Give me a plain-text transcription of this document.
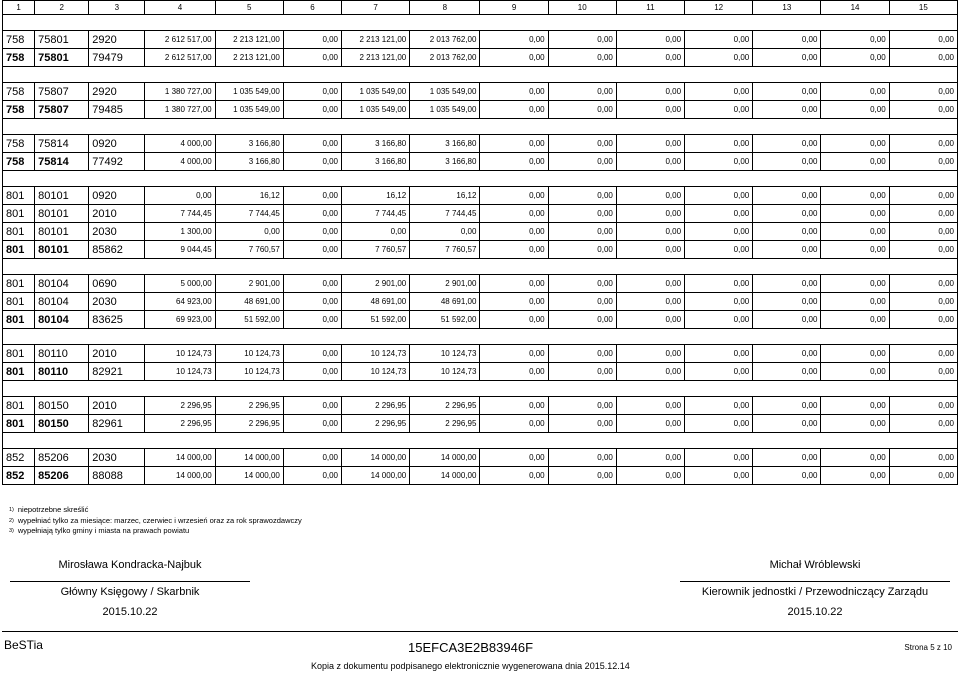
1	2	3	4	5	6	7	8	9	10	11	12	13	14	15

758	75801	2920	2 612 517,00	2 213 121,00	0,00	2 213 121,00	2 013 762,00	0,00	0,00	0,00	0,00	0,00	0,00	0,00
758	75801	79479	2 612 517,00	2 213 121,00	0,00	2 213 121,00	2 013 762,00	0,00	0,00	0,00	0,00	0,00	0,00	0,00

758	75807	2920	1 380 727,00	1 035 549,00	0,00	1 035 549,00	1 035 549,00	0,00	0,00	0,00	0,00	0,00	0,00	0,00
758	75807	79485	1 380 727,00	1 035 549,00	0,00	1 035 549,00	1 035 549,00	0,00	0,00	0,00	0,00	0,00	0,00	0,00

758	75814	0920	4 000,00	3 166,80	0,00	3 166,80	3 166,80	0,00	0,00	0,00	0,00	0,00	0,00	0,00
758	75814	77492	4 000,00	3 166,80	0,00	3 166,80	3 166,80	0,00	0,00	0,00	0,00	0,00	0,00	0,00

801	80101	0920	0,00	16,12	0,00	16,12	16,12	0,00	0,00	0,00	0,00	0,00	0,00	0,00
801	80101	2010	7 744,45	7 744,45	0,00	7 744,45	7 744,45	0,00	0,00	0,00	0,00	0,00	0,00	0,00
801	80101	2030	1 300,00	0,00	0,00	0,00	0,00	0,00	0,00	0,00	0,00	0,00	0,00	0,00
801	80101	85862	9 044,45	7 760,57	0,00	7 760,57	7 760,57	0,00	0,00	0,00	0,00	0,00	0,00	0,00

801	80104	0690	5 000,00	2 901,00	0,00	2 901,00	2 901,00	0,00	0,00	0,00	0,00	0,00	0,00	0,00
801	80104	2030	64 923,00	48 691,00	0,00	48 691,00	48 691,00	0,00	0,00	0,00	0,00	0,00	0,00	0,00
801	80104	83625	69 923,00	51 592,00	0,00	51 592,00	51 592,00	0,00	0,00	0,00	0,00	0,00	0,00	0,00

801	80110	2010	10 124,73	10 124,73	0,00	10 124,73	10 124,73	0,00	0,00	0,00	0,00	0,00	0,00	0,00
801	80110	82921	10 124,73	10 124,73	0,00	10 124,73	10 124,73	0,00	0,00	0,00	0,00	0,00	0,00	0,00

801	80150	2010	2 296,95	2 296,95	0,00	2 296,95	2 296,95	0,00	0,00	0,00	0,00	0,00	0,00	0,00
801	80150	82961	2 296,95	2 296,95	0,00	2 296,95	2 296,95	0,00	0,00	0,00	0,00	0,00	0,00	0,00

852	85206	2030	14 000,00	14 000,00	0,00	14 000,00	14 000,00	0,00	0,00	0,00	0,00	0,00	0,00	0,00
852	85206	88088	14 000,00	14 000,00	0,00	14 000,00	14 000,00	0,00	0,00	0,00	0,00	0,00	0,00	0,00
$^{1)}$ niepotrzebne skreślić
$^{2)}$ wypełniać tylko za miesiące: marzec, czerwiec i wrzesień oraz za rok sprawozdawczy
$^{3)}$ wypełniają tylko gminy i miasta na prawach powiatu
Mirosława Kondracka-Najbuk
Główny Księgowy / Skarbnik
2015.10.22
Michał Wróblewski
Kierownik jednostki / Przewodniczący Zarządu
2015.10.22
BeSTia	15EFCA3E2B83946F	Strona 5 z 10
Kopia z dokumentu podpisanego elektronicznie wygenerowana dnia 2015.12.14
